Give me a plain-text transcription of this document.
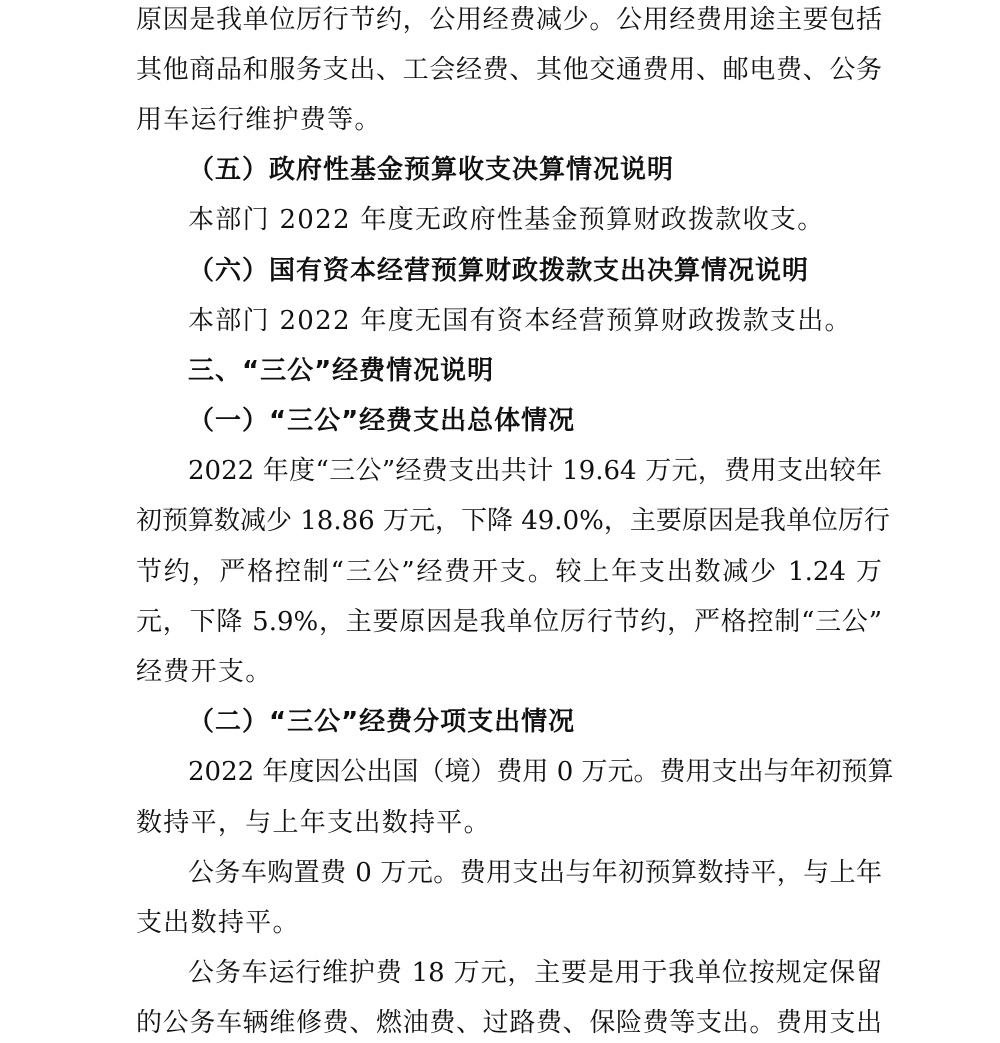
原因是我单位厉行节约，公用经费减少。公用经费用途主要包括
其他商品和服务支出、工会经费、其他交通费用、邮电费、公务
用车运行维护费等。
（五）政府性基金预算收支决算情况说明
本部门 2022 年度无政府性基金预算财政拨款收支。
（六）国有资本经营预算财政拨款支出决算情况说明
本部门 2022 年度无国有资本经营预算财政拨款支出。
三、“三公”经费情况说明
（一）“三公”经费支出总体情况
2022 年度“三公”经费支出共计 19.64 万元，费用支出较年
初预算数减少 18.86 万元，下降 49.0%，主要原因是我单位厉行
节约，严格控制“三公”经费开支。较上年支出数减少 1.24 万
元，下降 5.9%，主要原因是我单位厉行节约，严格控制“三公”
经费开支。
（二）“三公”经费分项支出情况
2022 年度因公出国（境）费用 0 万元。费用支出与年初预算
数持平，与上年支出数持平。
公务车购置费 0 万元。费用支出与年初预算数持平，与上年
支出数持平。
公务车运行维护费 18 万元，主要是用于我单位按规定保留
的公务车辆维修费、燃油费、过路费、保险费等支出。费用支出
